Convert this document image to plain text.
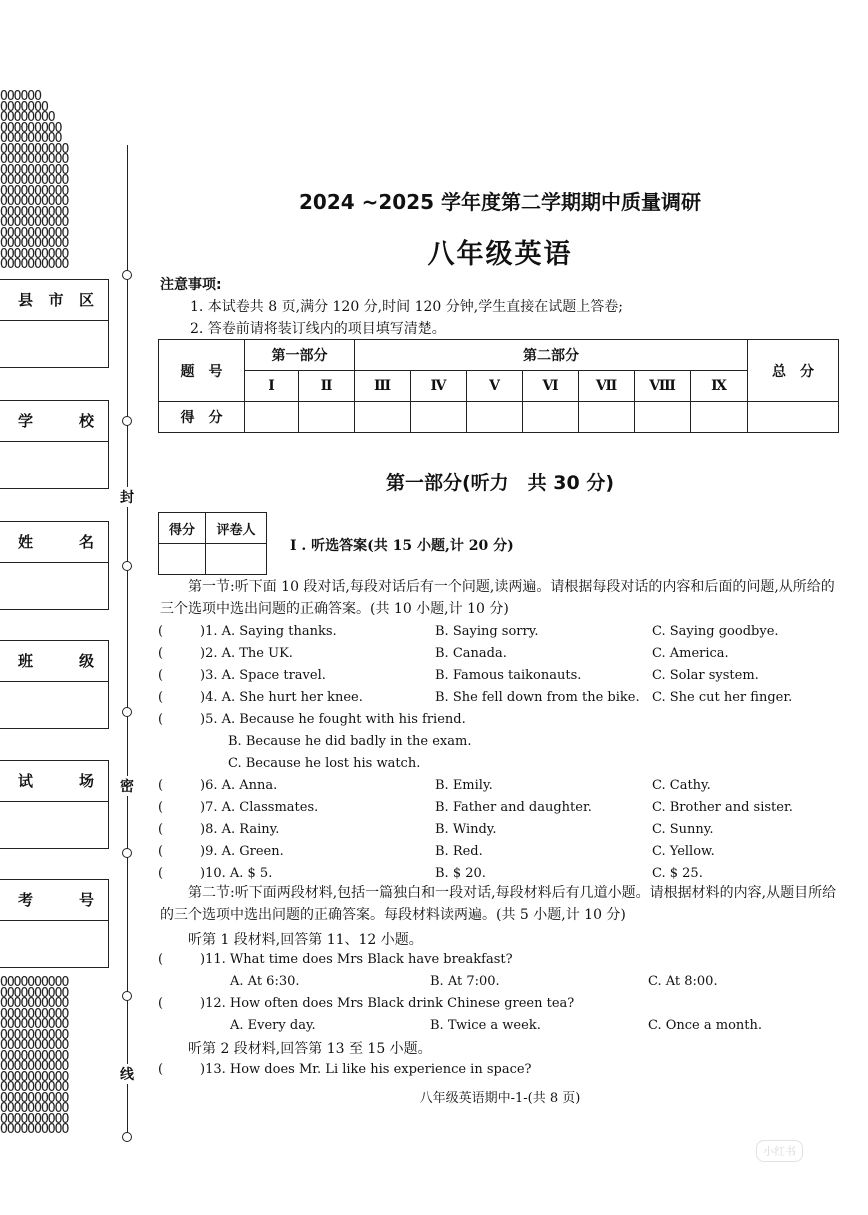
OOOOOO
OOOOOOO
OOOOOOOO
OOOOOOOOO
OOOOOOOOO
OOOOOOOOOO
OOOOOOOOOO
OOOOOOOOOO
OOOOOOOOOO
OOOOOOOOOO
OOOOOOOOOO
OOOOOOOOOO
OOOOOOOOOO
OOOOOOOOOO
OOOOOOOOOO
OOOOOOOOOO
OOOOOOOOOO
OOOOOOOOOO
OOOOOOOOOO
OOOOOOOOOO
OOOOOOOOOO
OOOOOOOOOO
OOOOOOOOOO
OOOOOOOOOO
OOOOOOOOOO
OOOOOOOOOO
OOOOOOOOOO
OOOOOOOOOO
OOOOOOOOOO
OOOOOOOOOO
OOOOOOOOOO
OOOOOOOOOO
县 市 区
学	校
姓	名
班	级
试	场
考	号
封
密
线
2024 ~2025 学年度第二学期期中质量调研
八年级英语
注意事项:
1. 本试卷共 8 页,满分 120 分,时间 120 分钟,学生直接在试题上答卷;
2. 答卷前请将装订线内的项目填写清楚。
题　号	第一部分		第二部分							总　分
	I	Ⅱ	Ⅲ	Ⅳ	V	Ⅵ	Ⅶ	Ⅷ	Ⅸ	
得　分										
第一部分(听力　共 30 分)
得分	评卷人

I . 听选答案(共 15 小题,计 20 分)
第一节:听下面 10 段对话,每段对话后有一个问题,读两遍。请根据每段对话的内容和后面的问题,从所给的三个选项中选出问题的正确答案。(共 10 小题,计 10 分)
(	)1. A. Saying thanks.	B. Saying sorry.	C. Saying goodbye.
(	)2. A. The UK.	B. Canada.	C. America.
(	)3. A. Space travel.	B. Famous taikonauts.	C. Solar system.
(	)4. A. She hurt her knee.	B. She fell down from the bike. C. She cut her finger.
(	)5. A. Because he fought with his friend.
B. Because he did badly in the exam.
C. Because he lost his watch.
(	)6. A. Anna.	B. Emily.	C. Cathy.
(	)7. A. Classmates.	B. Father and daughter.	C. Brother and sister.
(	)8. A. Rainy.	B. Windy.	C. Sunny.
(	)9. A. Green.	B. Red.	C. Yellow.
(	)10. A. $ 5.	B. $ 20.	C. $ 25.
第二节:听下面两段材料,包括一篇独白和一段对话,每段材料后有几道小题。请根据材料的内容,从题目所给的三个选项中选出问题的正确答案。每段材料读两遍。(共 5 小题,计 10 分)
听第 1 段材料,回答第 11、12 小题。
(	)11. What time does Mrs Black have breakfast?
A. At 6:30.	B. At 7:00.	C. At 8:00.
(	)12. How often does Mrs Black drink Chinese green tea?
A. Every day.	B. Twice a week.	C. Once a month.
听第 2 段材料,回答第 13 至 15 小题。
(	)13. How does Mr. Li like his experience in space?
八年级英语期中-1-(共 8 页)
小红书
